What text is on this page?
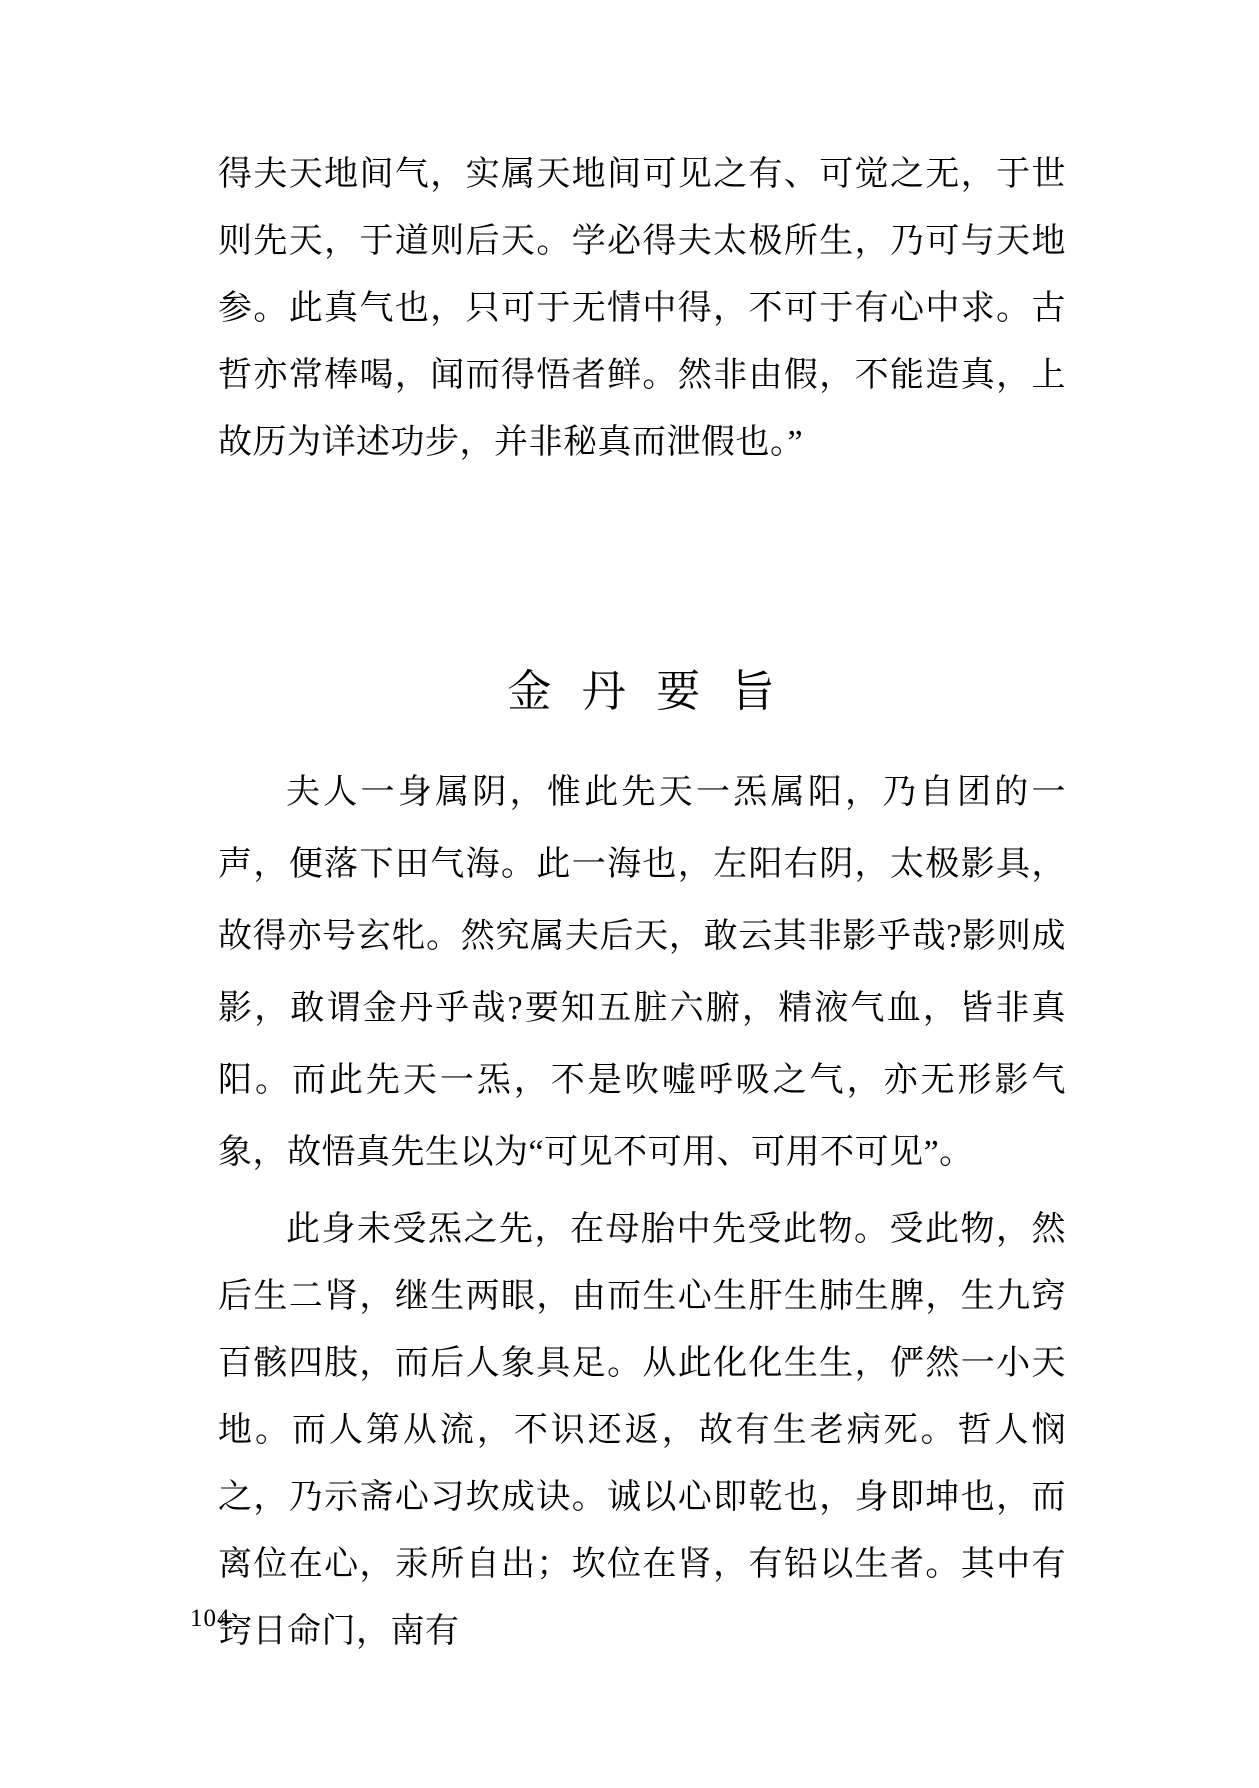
得夫天地间气，实属天地间可见之有、可觉之无，于世则先天，于道则后天。学必得夫太极所生，乃可与天地参。此真气也，只可于无情中得，不可于有心中求。古哲亦常棒喝，闻而得悟者鲜。然非由假，不能造真，上故历为详述功步，并非秘真而泄假也。”

金 丹 要 旨

夫人一身属阴，惟此先天一炁属阳，乃自团的一声，便落下田气海。此一海也，左阳右阴，太极影具，故得亦号玄牝。然究属夫后天，敢云其非影乎哉?影则成影，敢谓金丹乎哉?要知五脏六腑，精液气血，皆非真阳。而此先天一炁，不是吹嘘呼吸之气，亦无形影气象，故悟真先生以为“可见不可用、可用不可见”。

此身未受炁之先，在母胎中先受此物。受此物，然后生二肾，继生两眼，由而生心生肝生肺生脾，生九窍百骸四肢，而后人象具足。从此化化生生，俨然一小天地。而人第从流，不识还返，故有生老病死。哲人悯之，乃示斋心习坎成诀。诚以心即乾也，身即坤也，而离位在心，汞所自出；坎位在肾，有铅以生者。其中有窍日命门，南有

104
